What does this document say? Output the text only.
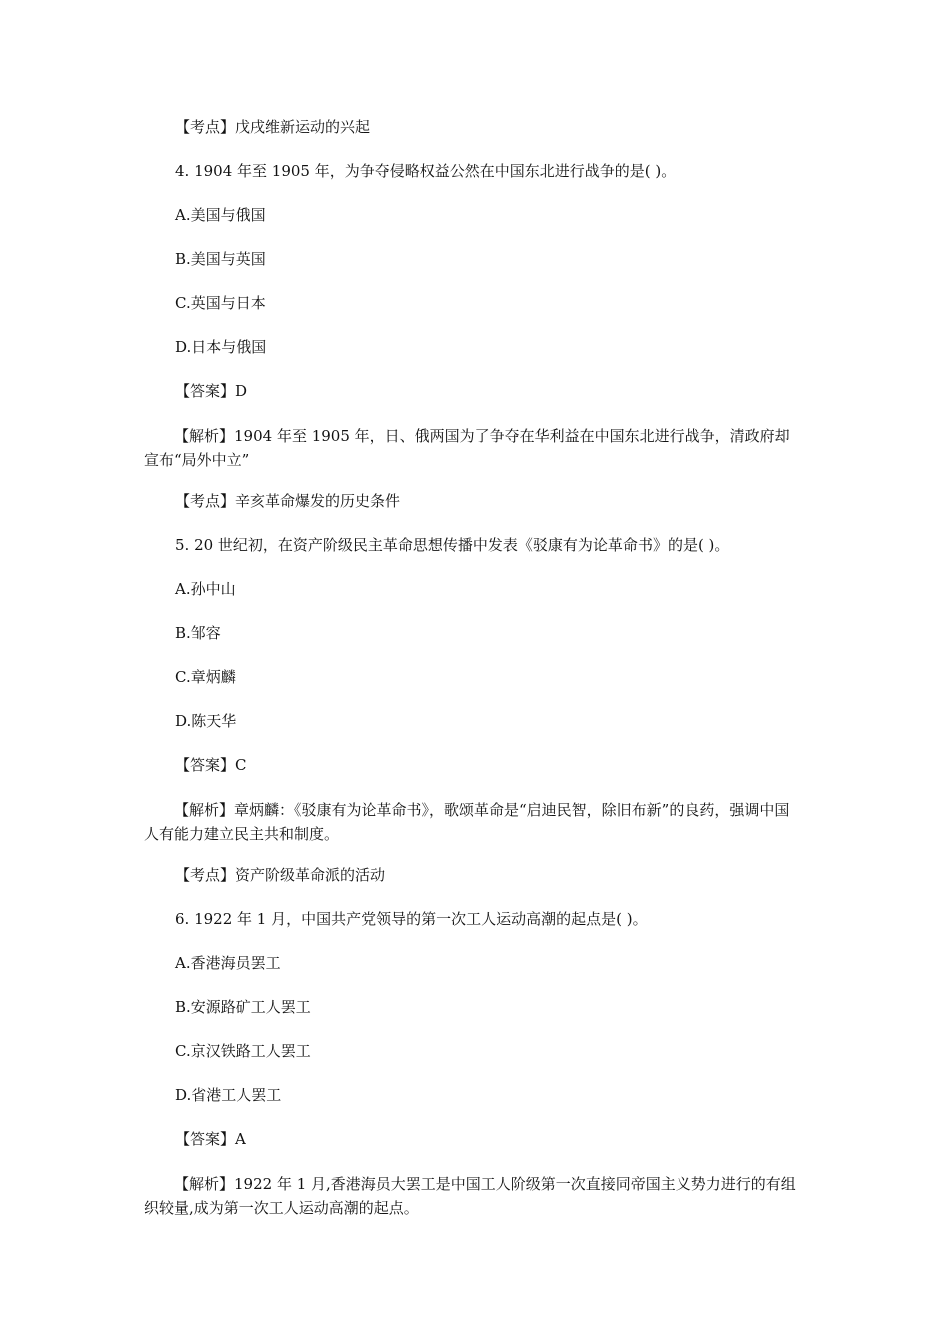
【考点】戊戌维新运动的兴起
4. 1904 年至 1905 年，为争夺侵略权益公然在中国东北进行战争的是( )。
A.美国与俄国
B.美国与英国
C.英国与日本
D.日本与俄国
【答案】D
【解析】1904 年至 1905 年，日、俄两国为了争夺在华利益在中国东北进行战争，清政府却宣布“局外中立”
【考点】辛亥革命爆发的历史条件
5. 20 世纪初，在资产阶级民主革命思想传播中发表《驳康有为论革命书》的是( )。
A.孙中山
B.邹容
C.章炳麟
D.陈天华
【答案】C
【解析】章炳麟：《驳康有为论革命书》，歌颂革命是“启迪民智，除旧布新”的良药，强调中国人有能力建立民主共和制度。
【考点】资产阶级革命派的活动
6. 1922 年 1 月，中国共产党领导的第一次工人运动高潮的起点是( )。
A.香港海员罢工
B.安源路矿工人罢工
C.京汉铁路工人罢工
D.省港工人罢工
【答案】A
【解析】1922 年 1 月,香港海员大罢工是中国工人阶级第一次直接同帝国主义势力进行的有组织较量,成为第一次工人运动高潮的起点。
